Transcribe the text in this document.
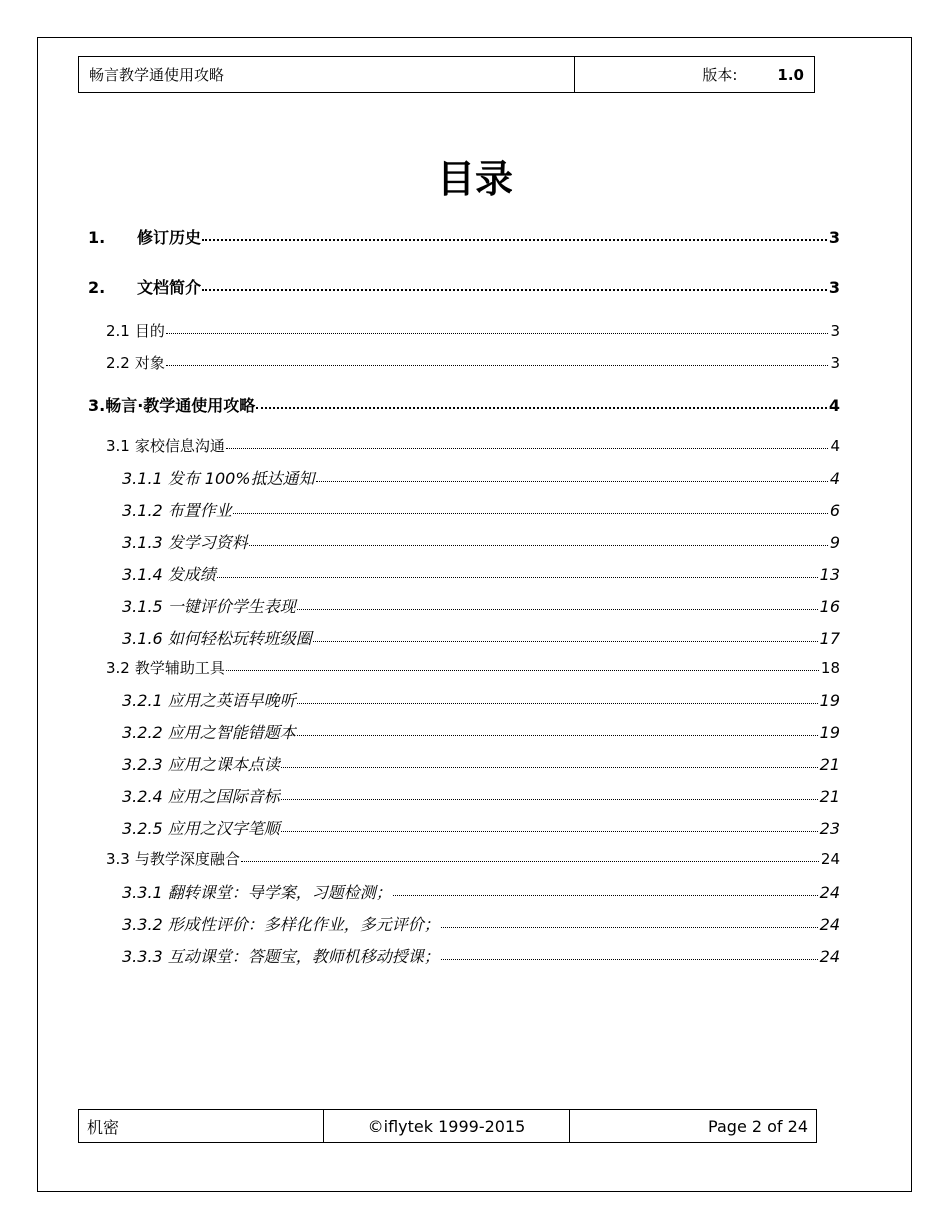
畅言教学通使用攻略	版本:	1.0
目录
1.	修订历史	3
2.	文档简介	3
2.1 目的	3
2.2 对象	3
3.畅言·教学通使用攻略	4
3.1 家校信息沟通	4
3.1.1 发布 100%抵达通知	4
3.1.2 布置作业	6
3.1.3 发学习资料	9
3.1.4 发成绩	13
3.1.5 一键评价学生表现	16
3.1.6 如何轻松玩转班级圈	17
3.2 教学辅助工具	18
3.2.1 应用之英语早晚听	19
3.2.2 应用之智能错题本	19
3.2.3 应用之课本点读	21
3.2.4 应用之国际音标	21
3.2.5 应用之汉字笔顺	23
3.3 与教学深度融合	24
3.3.1 翻转课堂：导学案，习题检测；	24
3.3.2 形成性评价：多样化作业，多元评价；	24
3.3.3 互动课堂：答题宝，教师机移动授课；	24
机密	©iflytek 1999-2015	Page 2 of 24
